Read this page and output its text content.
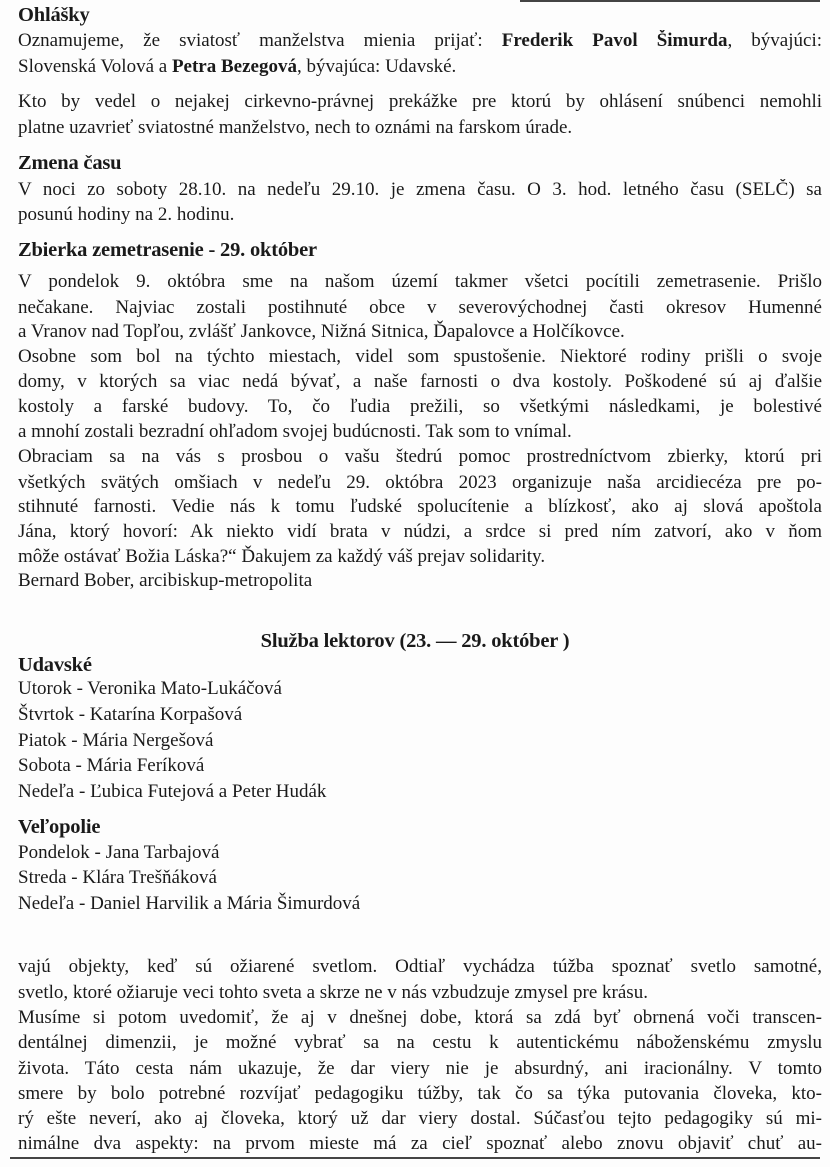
Ohlášky
Oznamujeme, že sviatosť manželstva mienia prijať: Frederik Pavol Šimurda, bývajúci:
Slovenská Volová a Petra Bezegová, bývajúca: Udavské.
Kto by vedel o nejakej cirkevno-právnej prekážke pre ktorú by ohlásení snúbenci nemohli
platne uzavrieť sviatostné manželstvo, nech to oznámi na farskom úrade.
Zmena času
V noci zo soboty 28.10. na nedeľu 29.10. je zmena času. O 3. hod. letného času (SELČ) sa
posunú hodiny na 2. hodinu.
Zbierka zemetrasenie - 29. október
V pondelok 9. októbra sme na našom území takmer všetci pocítili zemetrasenie. Prišlo
nečakane. Najviac zostali postihnuté obce v severovýchodnej časti okresov Humenné
a Vranov nad Topľou, zvlášť Jankovce, Nižná Sitnica, Ďapalovce a Holčíkovce.
Osobne som bol na týchto miestach, videl som spustošenie. Niektoré rodiny prišli o svoje
domy, v ktorých sa viac nedá bývať, a naše farnosti o dva kostoly. Poškodené sú aj ďalšie
kostoly a farské budovy. To, čo ľudia prežili, so všetkými následkami, je bolestivé
a mnohí zostali bezradní ohľadom svojej budúcnosti. Tak som to vnímal.
Obraciam sa na vás s prosbou o vašu štedrú pomoc prostredníctvom zbierky, ktorú pri
všetkých svätých omšiach v nedeľu 29. októbra 2023 organizuje naša arcidiecéza pre po-
stihnuté farnosti. Vedie nás k tomu ľudské spolucítenie a blízkosť, ako aj slová apoštola
Jána, ktorý hovorí: Ak niekto vidí brata v núdzi, a srdce si pred ním zatvorí, ako v ňom
môže ostávať Božia Láska?“ Ďakujem za každý váš prejav solidarity.
Bernard Bober, arcibiskup-metropolita
Služba lektorov (23. — 29. október )
Udavské
Utorok - Veronika Mato-Lukáčová
Štvrtok - Katarína Korpašová
Piatok - Mária Nergešová
Sobota - Mária Feríková
Nedeľa - Ľubica Futejová a Peter Hudák
Veľopolie
Pondelok - Jana Tarbajová
Streda - Klára Trešňáková
Nedeľa - Daniel Harvilik a Mária Šimurdová
vajú objekty, keď sú ožiarené svetlom. Odtiaľ vychádza túžba spoznať svetlo samotné,
svetlo, ktoré ožiaruje veci tohto sveta a skrze ne v nás vzbudzuje zmysel pre krásu.
Musíme si potom uvedomiť, že aj v dnešnej dobe, ktorá sa zdá byť obrnená voči transcen-
dentálnej dimenzii, je možné vybrať sa na cestu k autentickému náboženskému zmyslu
života. Táto cesta nám ukazuje, že dar viery nie je absurdný, ani iracionálny. V tomto
smere by bolo potrebné rozvíjať pedagogiku túžby, tak čo sa týka putovania človeka, kto-
rý ešte neverí, ako aj človeka, ktorý už dar viery dostal. Súčasťou tejto pedagogiky sú mi-
nimálne dva aspekty: na prvom mieste má za cieľ spoznať alebo znovu objaviť chuť au-
